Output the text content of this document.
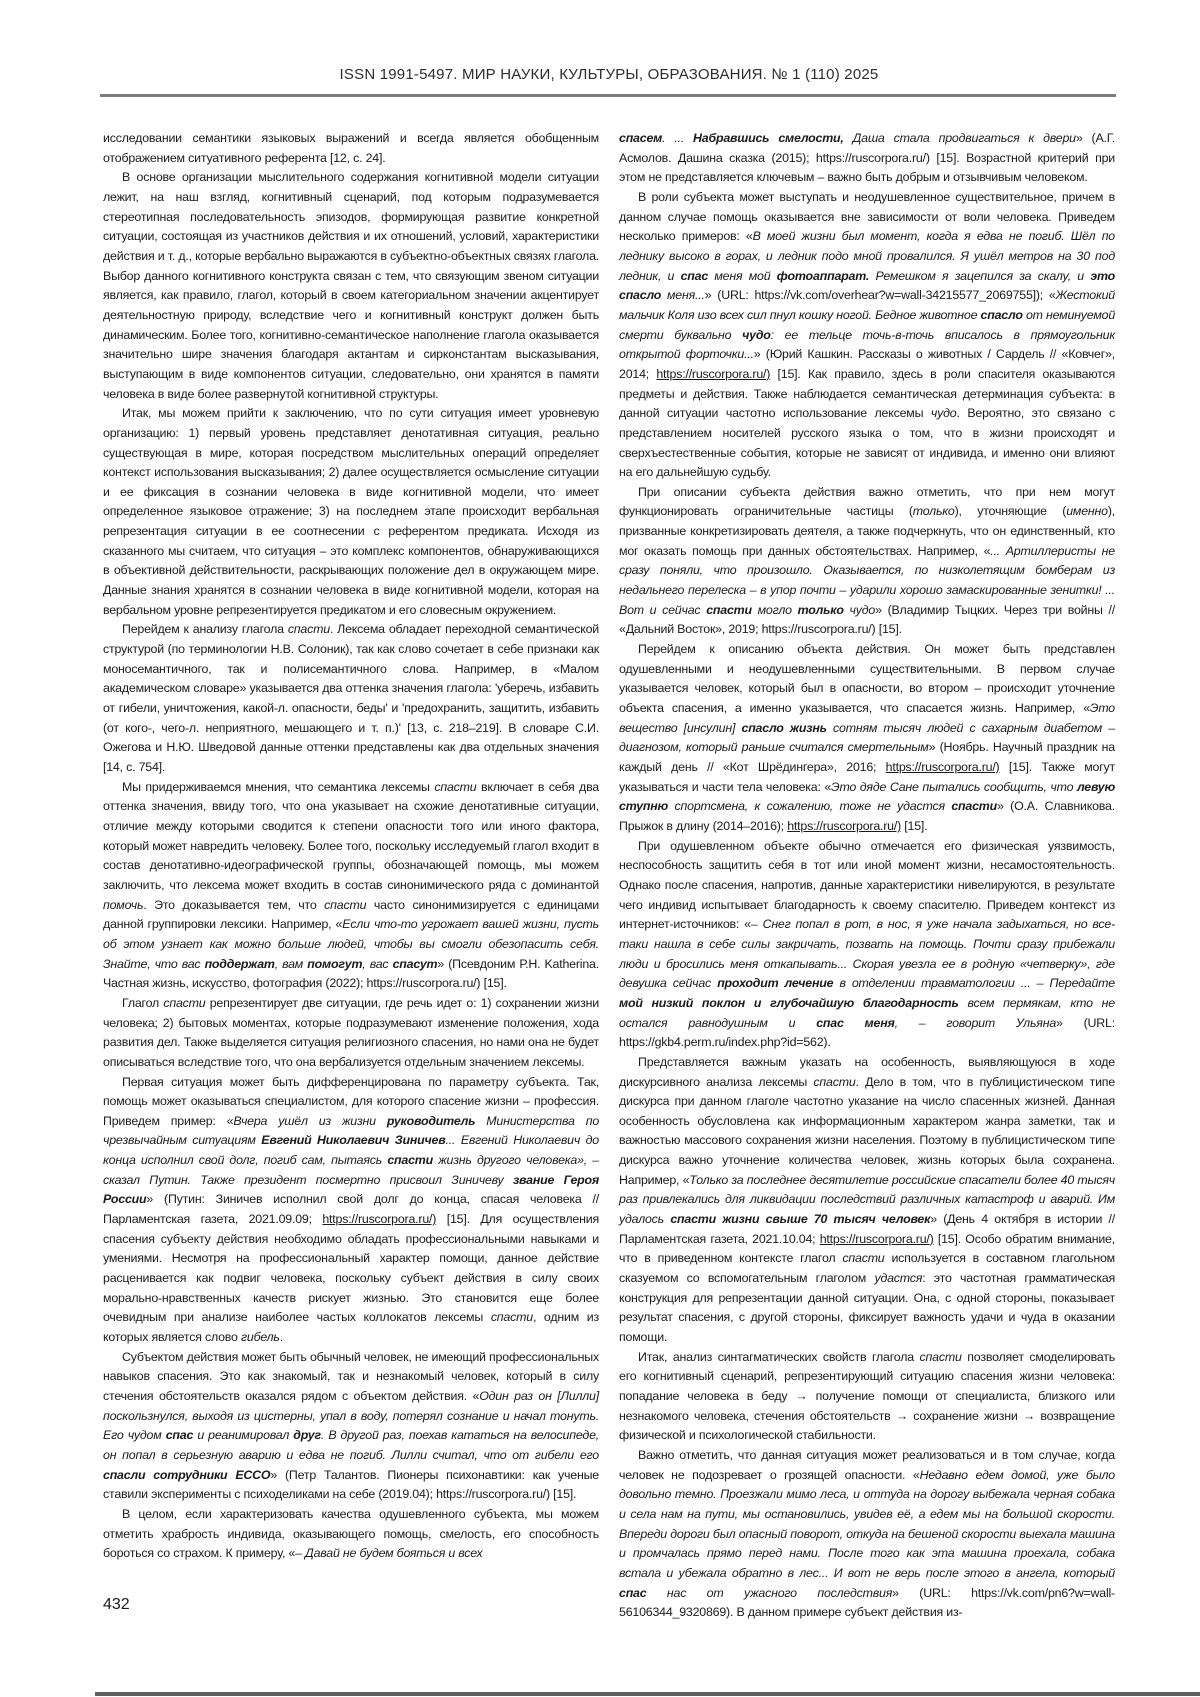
ISSN 1991-5497. МИР НАУКИ, КУЛЬТУРЫ, ОБРАЗОВАНИЯ. № 1 (110) 2025

исследовании семантики языковых выражений и всегда является обобщенным отображением ситуативного референта [12, с. 24].

В основе организации мыслительного содержания когнитивной модели ситуации лежит, на наш взгляд, когнитивный сценарий, под которым подразумевается стереотипная последовательность эпизодов, формирующая развитие конкретной ситуации, состоящая из участников действия и их отношений, условий, характеристики действия и т. д., которые вербально выражаются в субъектно-объектных связях глагола. Выбор данного когнитивного конструкта связан с тем, что связующим звеном ситуации является, как правило, глагол, который в своем категориальном значении акцентирует деятельностную природу, вследствие чего и когнитивный конструкт должен быть динамическим. Более того, когнитивно-семантическое наполнение глагола оказывается значительно шире значения благодаря актантам и сирконстантам высказывания, выступающим в виде компонентов ситуации, следовательно, они хранятся в памяти человека в виде более развернутой когнитивной структуры.

Итак, мы можем прийти к заключению, что по сути ситуация имеет уровневую организацию: 1) первый уровень представляет денотативная ситуация, реально существующая в мире, которая посредством мыслительных операций определяет контекст использования высказывания; 2) далее осуществляется осмысление ситуации и ее фиксация в сознании человека в виде когнитивной модели, что имеет определенное языковое отражение; 3) на последнем этапе происходит вербальная репрезентация ситуации в ее соотнесении с референтом предиката. Исходя из сказанного мы считаем, что ситуация – это комплекс компонентов, обнаруживающихся в объективной действительности, раскрывающих положение дел в окружающем мире. Данные знания хранятся в сознании человека в виде когнитивной модели, которая на вербальном уровне репрезентируется предикатом и его словесным окружением.

Перейдем к анализу глагола спасти. Лексема обладает переходной семантической структурой (по терминологии Н.В. Солоник), так как слово сочетает в себе признаки как моносемантичного, так и полисемантичного слова. Например, в «Малом академическом словаре» указывается два оттенка значения глагола: 'уберечь, избавить от гибели, уничтожения, какой-л. опасности, беды' и 'предохранить, защитить, избавить (от кого-, чего-л. неприятного, мешающего и т. п.)' [13, с. 218–219]. В словаре С.И. Ожегова и Н.Ю. Шведовой данные оттенки представлены как два отдельных значения [14, с. 754].

Мы придерживаемся мнения, что семантика лексемы спасти включает в себя два оттенка значения, ввиду того, что она указывает на схожие денотативные ситуации, отличие между которыми сводится к степени опасности того или иного фактора, который может навредить человеку. Более того, поскольку исследуемый глагол входит в состав денотативно-идеографической группы, обозначающей помощь, мы можем заключить, что лексема может входить в состав синонимического ряда с доминантой помочь. Это доказывается тем, что спасти часто синонимизируется с единицами данной группировки лексики. Например, «Если что-то угрожает вашей жизни, пусть об этом узнает как можно больше людей, чтобы вы смогли обезопасить себя. Знайте, что вас поддержат, вам помогут, вас спасут» (Псевдоним Р.Н. Katherina. Частная жизнь, искусство, фотография (2022); https://ruscorpora.ru/) [15].

Глагол спасти репрезентирует две ситуации, где речь идет о: 1) сохранении жизни человека; 2) бытовых моментах, которые подразумевают изменение положения, хода развития дел. Также выделяется ситуация религиозного спасения, но нами она не будет описываться вследствие того, что она вербализуется отдельным значением лексемы.

Первая ситуация может быть дифференцирована по параметру субъекта. Так, помощь может оказываться специалистом, для которого спасение жизни – профессия. Приведем пример: «Вчера ушёл из жизни руководитель Министерства по чрезвычайным ситуациям Евгений Николаевич Зиничев... Евгений Николаевич до конца исполнил свой долг, погиб сам, пытаясь спасти жизнь другого человека», – сказал Путин. Также президент посмертно присвоил Зиничеву звание Героя России» (Путин: Зиничев исполнил свой долг до конца, спасая человека // Парламентская газета, 2021.09.09; https://ruscorpora.ru/) [15]. Для осуществления спасения субъекту действия необходимо обладать профессиональными навыками и умениями. Несмотря на профессиональный характер помощи, данное действие расценивается как подвиг человека, поскольку субъект действия в силу своих морально-нравственных качеств рискует жизнью. Это становится еще более очевидным при анализе наиболее частых коллокатов лексемы спасти, одним из которых является слово гибель.

Субъектом действия может быть обычный человек, не имеющий профессиональных навыков спасения. Это как знакомый, так и незнакомый человек, который в силу стечения обстоятельств оказался рядом с объектом действия. «Один раз он [Лилли] поскользнулся, выходя из цистерны, упал в воду, потерял сознание и начал тонуть. Его чудом спас и реанимировал друг. В другой раз, поехав кататься на велосипеде, он попал в серьезную аварию и едва не погиб. Лилли считал, что от гибели его спасли сотрудники ЕССО» (Петр Талантов. Пионеры психонавтики: как ученые ставили эксперименты с психоделиками на себе (2019.04); https://ruscorpora.ru/) [15].

В целом, если характеризовать качества одушевленного субъекта, мы можем отметить храбрость индивида, оказывающего помощь, смелость, его способность бороться со страхом. К примеру, «– Давай не будем бояться и всех

спасем. ... Набравшись смелости, Даша стала продвигаться к двери» (А.Г. Асмолов. Дашина сказка (2015); https://ruscorpora.ru/) [15]. Возрастной критерий при этом не представляется ключевым – важно быть добрым и отзывчивым человеком.

В роли субъекта может выступать и неодушевленное существительное, причем в данном случае помощь оказывается вне зависимости от воли человека. Приведем несколько примеров: «В моей жизни был момент, когда я едва не погиб. Шёл по леднику высоко в горах, и ледник подо мной провалился. Я ушёл метров на 30 под ледник, и спас меня мой фотоаппарат. Ремешком я зацепился за скалу, и это спасло меня...» (URL: https://vk.com/overhear?w=wall-34215577_2069755]); «Жестокий мальчик Коля изо всех сил пнул кошку ногой. Бедное животное спасло от неминуемой смерти буквально чудо: ее тельце точь-в-точь вписалось в прямоугольник открытой форточки...» (Юрий Кашкин. Рассказы о животных / Сардель // «Ковчег», 2014; https://ruscorpora.ru/) [15]. Как правило, здесь в роли спасителя оказываются предметы и действия. Также наблюдается семантическая детерминация субъекта: в данной ситуации частотно использование лексемы чудо. Вероятно, это связано с представлением носителей русского языка о том, что в жизни происходят и сверхъестественные события, которые не зависят от индивида, и именно они влияют на его дальнейшую судьбу.

При описании субъекта действия важно отметить, что при нем могут функционировать ограничительные частицы (только), уточняющие (именно), призванные конкретизировать деятеля, а также подчеркнуть, что он единственный, кто мог оказать помощь при данных обстоятельствах. Например, «... Артиллеристы не сразу поняли, что произошло. Оказывается, по низколетящим бомберам из недальнего перелеска – в упор почти – ударили хорошо замаскированные зенитки! ... Вот и сейчас спасти могло только чудо» (Владимир Тыцких. Через три войны // «Дальний Восток», 2019; https://ruscorpora.ru/) [15].

Перейдем к описанию объекта действия. Он может быть представлен одушевленными и неодушевленными существительными. В первом случае указывается человек, который был в опасности, во втором – происходит уточнение объекта спасения, а именно указывается, что спасается жизнь. Например, «Это вещество [инсулин] спасло жизнь сотням тысяч людей с сахарным диабетом – диагнозом, который раньше считался смертельным» (Ноябрь. Научный праздник на каждый день // «Кот Шрёдингера», 2016; https://ruscorpora.ru/) [15]. Также могут указываться и части тела человека: «Это дяде Сане пытались сообщить, что левую ступню спортсмена, к сожалению, тоже не удастся спасти» (О.А. Славникова. Прыжок в длину (2014–2016); https://ruscorpora.ru/) [15].

При одушевленном объекте обычно отмечается его физическая уязвимость, неспособность защитить себя в тот или иной момент жизни, несамостоятельность. Однако после спасения, напротив, данные характеристики нивелируются, в результате чего индивид испытывает благодарность к своему спасителю. Приведем контекст из интернет-источников: «– Снег попал в рот, в нос, я уже начала задыхаться, но все-таки нашла в себе силы закричать, позвать на помощь. Почти сразу прибежали люди и бросились меня откапывать... Скорая увезла ее в родную «четверку», где девушка сейчас проходит лечение в отделении травматологии ... – Передайте мой низкий поклон и глубочайшую благодарность всем пермякам, кто не остался равнодушным и спас меня, – говорит Ульяна» (URL: https://gkb4.perm.ru/index.php?id=562).

Представляется важным указать на особенность, выявляющуюся в ходе дискурсивного анализа лексемы спасти. Дело в том, что в публицистическом типе дискурса при данном глаголе частотно указание на число спасенных жизней. Данная особенность обусловлена как информационным характером жанра заметки, так и важностью массового сохранения жизни населения. Поэтому в публицистическом типе дискурса важно уточнение количества человек, жизнь которых была сохранена. Например, «Только за последнее десятилетие российские спасатели более 40 тысяч раз привлекались для ликвидации последствий различных катастроф и аварий. Им удалось спасти жизни свыше 70 тысяч человек» (День 4 октября в истории // Парламентская газета, 2021.10.04; https://ruscorpora.ru/) [15]. Особо обратим внимание, что в приведенном контексте глагол спасти используется в составном глагольном сказуемом со вспомогательным глаголом удастся: это частотная грамматическая конструкция для репрезентации данной ситуации. Она, с одной стороны, показывает результат спасения, с другой стороны, фиксирует важность удачи и чуда в оказании помощи.

Итак, анализ синтагматических свойств глагола спасти позволяет смоделировать его когнитивный сценарий, репрезентирующий ситуацию спасения жизни человека: попадание человека в беду → получение помощи от специалиста, близкого или незнакомого человека, стечения обстоятельств → сохранение жизни → возвращение физической и психологической стабильности.

Важно отметить, что данная ситуация может реализоваться и в том случае, когда человек не подозревает о грозящей опасности. «Недавно едем домой, уже было довольно темно. Проезжали мимо леса, и оттуда на дорогу выбежала черная собака и села нам на пути, мы остановились, увидев её, а едем мы на большой скорости. Впереди дороги был опасный поворот, откуда на бешеной скорости выехала машина и промчалась прямо перед нами. После того как эта машина проехала, собака встала и убежала обратно в лес... И вот не верь после этого в ангела, который спас нас от ужасного последствия» (URL: https://vk.com/pn6?w=wall-56106344_9320869). В данном примере субъект действия из-

432
